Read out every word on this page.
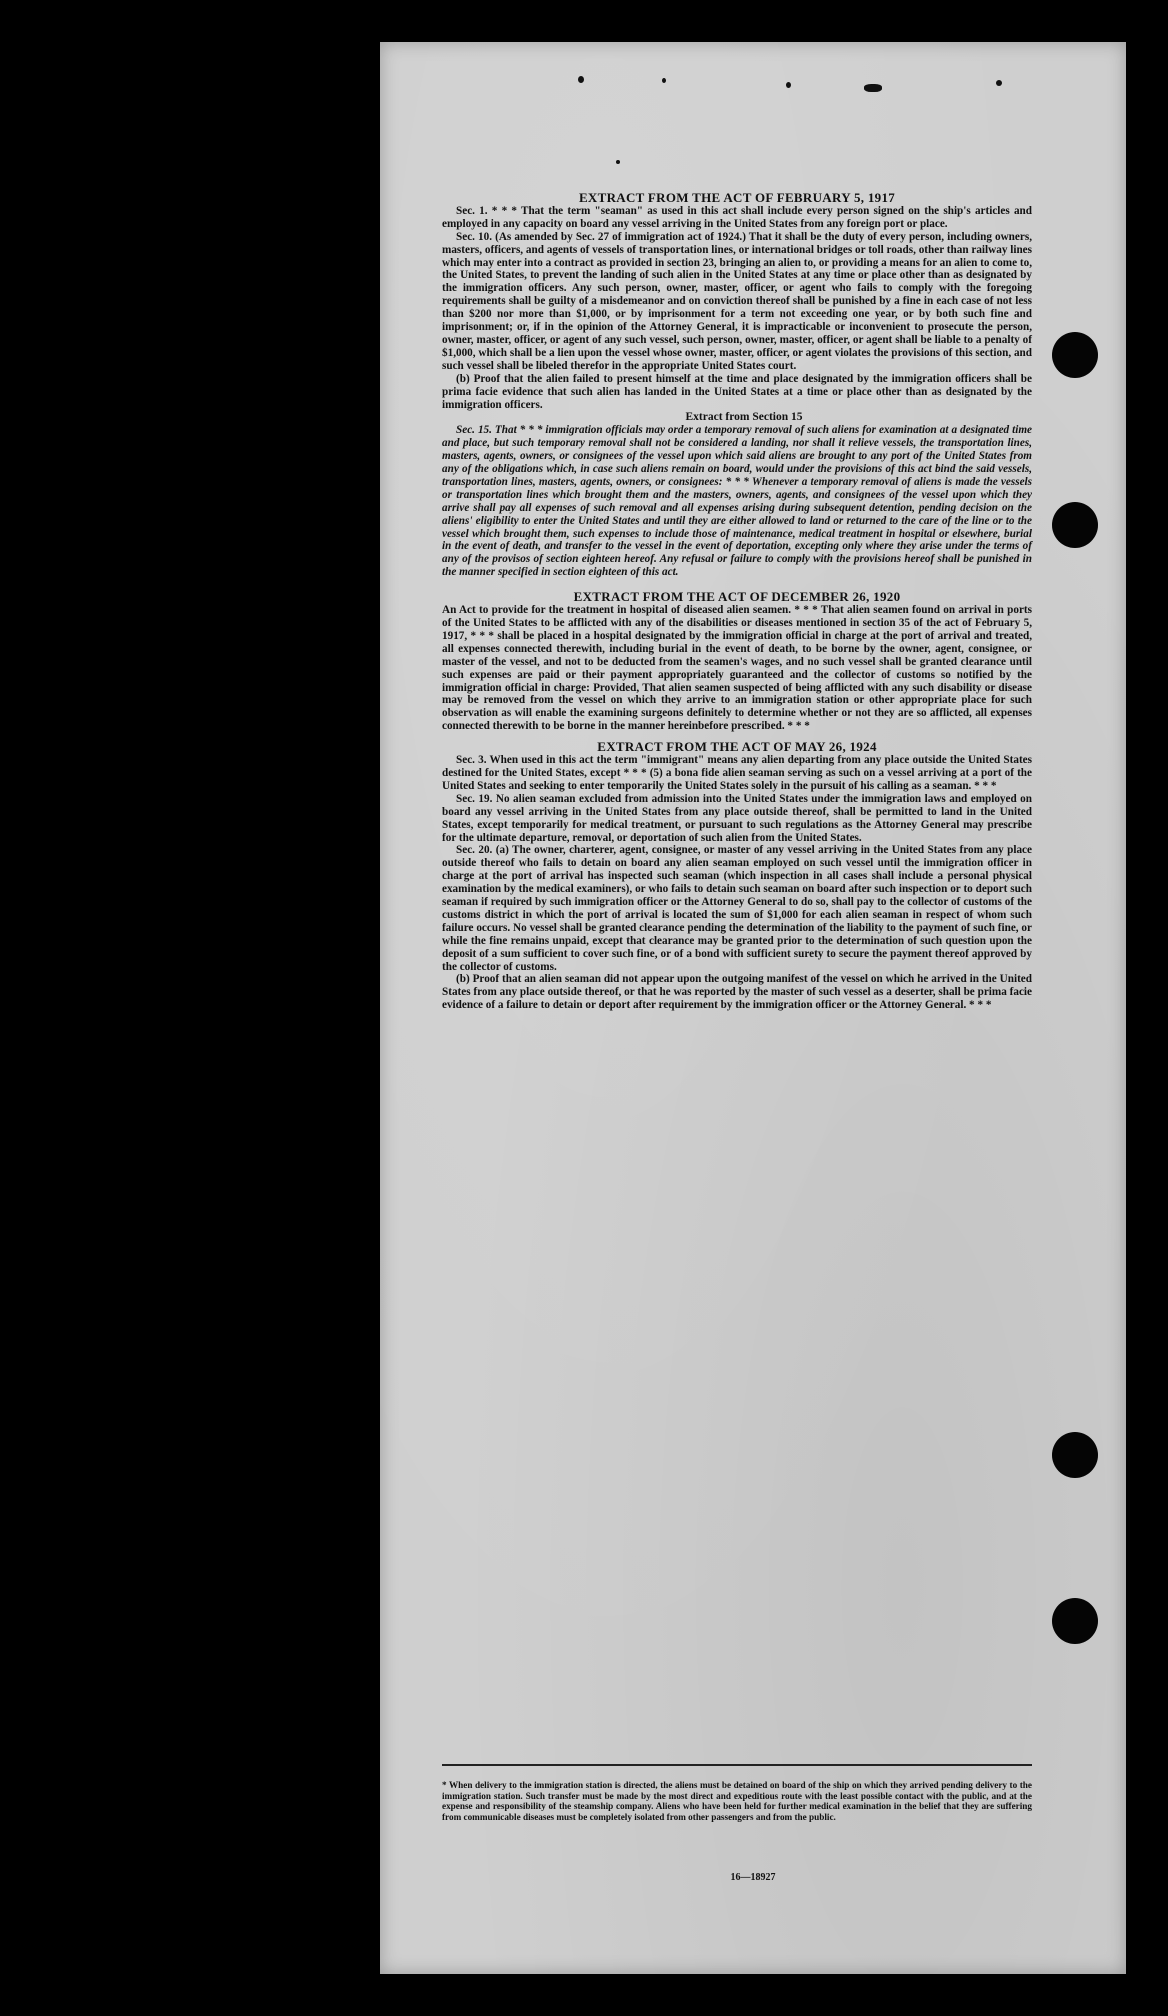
EXTRACT FROM THE ACT OF FEBRUARY 5, 1917

Sec. 1. * * * That the term "seaman" as used in this act shall include every person signed on the ship's articles and employed in any capacity on board any vessel arriving in the United States from any foreign port or place.

Sec. 10. (As amended by Sec. 27 of immigration act of 1924.) That it shall be the duty of every person, including owners, masters, officers, and agents of vessels of transportation lines, or international bridges or toll roads, other than railway lines which may enter into a contract as provided in section 23, bringing an alien to, or providing a means for an alien to come to, the United States, to prevent the landing of such alien in the United States at any time or place other than as designated by the immigration officers. Any such person, owner, master, officer, or agent who fails to comply with the foregoing requirements shall be guilty of a misdemeanor and on conviction thereof shall be punished by a fine in each case of not less than $200 nor more than $1,000, or by imprisonment for a term not exceeding one year, or by both such fine and imprisonment; or, if in the opinion of the Attorney General, it is impracticable or inconvenient to prosecute the person, owner, master, officer, or agent of any such vessel, such person, owner, master, officer, or agent shall be liable to a penalty of $1,000, which shall be a lien upon the vessel whose owner, master, officer, or agent violates the provisions of this section, and such vessel shall be libeled therefor in the appropriate United States court.

(b) Proof that the alien failed to present himself at the time and place designated by the immigration officers shall be prima facie evidence that such alien has landed in the United States at a time or place other than as designated by the immigration officers.

Extract from Section 15

Sec. 15. That * * * immigration officials may order a temporary removal of such aliens for examination at a designated time and place, but such temporary removal shall not be considered a landing, nor shall it relieve vessels, the transportation lines, masters, agents, owners, or consignees of the vessel upon which said aliens are brought to any port of the United States from any of the obligations which, in case such aliens remain on board, would under the provisions of this act bind the said vessels, transportation lines, masters, agents, owners, or consignees: * * * Whenever a temporary removal of aliens is made the vessels or transportation lines which brought them and the masters, owners, agents, and consignees of the vessel upon which they arrive shall pay all expenses of such removal and all expenses arising during subsequent detention, pending decision on the aliens' eligibility to enter the United States and until they are either allowed to land or returned to the care of the line or to the vessel which brought them, such expenses to include those of maintenance, medical treatment in hospital or elsewhere, burial in the event of death, and transfer to the vessel in the event of deportation, excepting only where they arise under the terms of any of the provisos of section eighteen hereof. Any refusal or failure to comply with the provisions hereof shall be punished in the manner specified in section eighteen of this act.

EXTRACT FROM THE ACT OF DECEMBER 26, 1920

An Act to provide for the treatment in hospital of diseased alien seamen. * * * That alien seamen found on arrival in ports of the United States to be afflicted with any of the disabilities or diseases mentioned in section 35 of the act of February 5, 1917, * * * shall be placed in a hospital designated by the immigration official in charge at the port of arrival and treated, all expenses connected therewith, including burial in the event of death, to be borne by the owner, agent, consignee, or master of the vessel, and not to be deducted from the seamen's wages, and no such vessel shall be granted clearance until such expenses are paid or their payment appropriately guaranteed and the collector of customs so notified by the immigration official in charge: Provided, That alien seamen suspected of being afflicted with any such disability or disease may be removed from the vessel on which they arrive to an immigration station or other appropriate place for such observation as will enable the examining surgeons definitely to determine whether or not they are so afflicted, all expenses connected therewith to be borne in the manner hereinbefore prescribed. * * *

EXTRACT FROM THE ACT OF MAY 26, 1924

Sec. 3. When used in this act the term "immigrant" means any alien departing from any place outside the United States destined for the United States, except * * * (5) a bona fide alien seaman serving as such on a vessel arriving at a port of the United States and seeking to enter temporarily the United States solely in the pursuit of his calling as a seaman. * * *

Sec. 19. No alien seaman excluded from admission into the United States under the immigration laws and employed on board any vessel arriving in the United States from any place outside thereof, shall be permitted to land in the United States, except temporarily for medical treatment, or pursuant to such regulations as the Attorney General may prescribe for the ultimate departure, removal, or deportation of such alien from the United States.

Sec. 20. (a) The owner, charterer, agent, consignee, or master of any vessel arriving in the United States from any place outside thereof who fails to detain on board any alien seaman employed on such vessel until the immigration officer in charge at the port of arrival has inspected such seaman (which inspection in all cases shall include a personal physical examination by the medical examiners), or who fails to detain such seaman on board after such inspection or to deport such seaman if required by such immigration officer or the Attorney General to do so, shall pay to the collector of customs of the customs district in which the port of arrival is located the sum of $1,000 for each alien seaman in respect of whom such failure occurs. No vessel shall be granted clearance pending the determination of the liability to the payment of such fine, or while the fine remains unpaid, except that clearance may be granted prior to the determination of such question upon the deposit of a sum sufficient to cover such fine, or of a bond with sufficient surety to secure the payment thereof approved by the collector of customs.

(b) Proof that an alien seaman did not appear upon the outgoing manifest of the vessel on which he arrived in the United States from any place outside thereof, or that he was reported by the master of such vessel as a deserter, shall be prima facie evidence of a failure to detain or deport after requirement by the immigration officer or the Attorney General. * * *

* When delivery to the immigration station is directed, the aliens must be detained on board of the ship on which they arrived pending delivery to the immigration station. Such transfer must be made by the most direct and expeditious route with the least possible contact with the public, and at the expense and responsibility of the steamship company. Aliens who have been held for further medical examination in the belief that they are suffering from communicable diseases must be completely isolated from other passengers and from the public.
16—18927
